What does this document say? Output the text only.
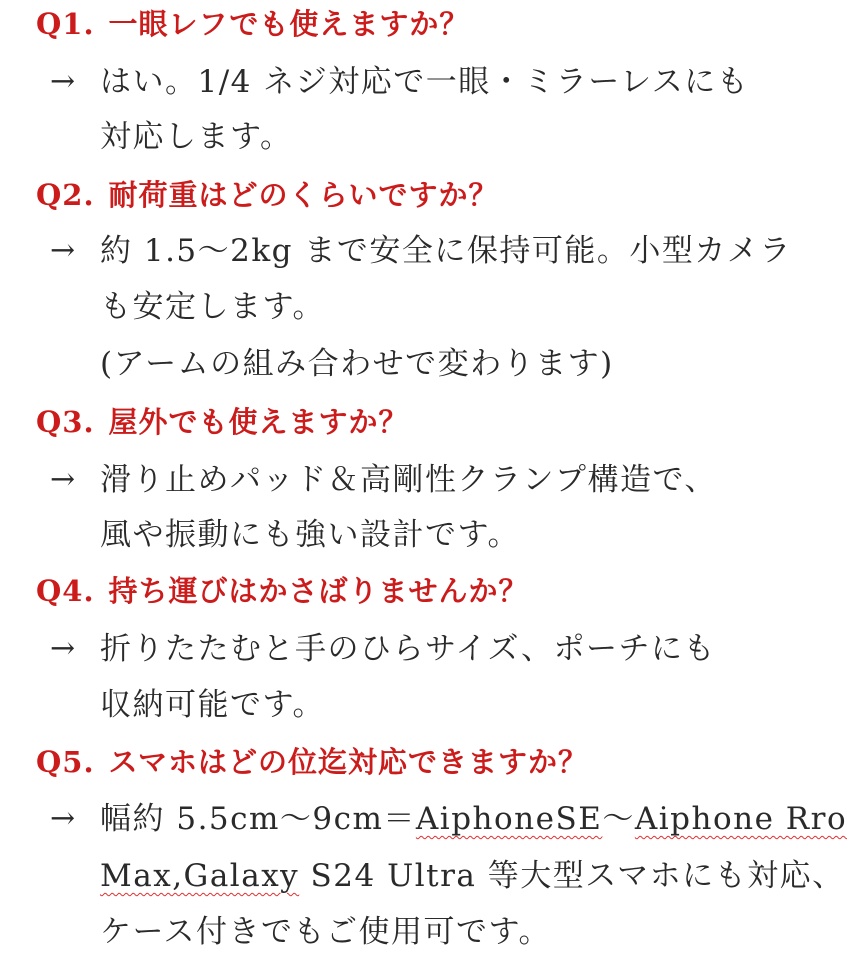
Q1. 一眼レフでも使えますか？
→ はい。1/4 ネジ対応で一眼・ミラーレスにも
対応します。
Q2. 耐荷重はどのくらいですか？
→ 約 1.5〜2kg まで安全に保持可能。小型カメラ
も安定します。
(アームの組み合わせで変わります)
Q3. 屋外でも使えますか？
→ 滑り止めパッド＆高剛性クランプ構造で、
風や振動にも強い設計です。
Q4. 持ち運びはかさばりませんか？
→ 折りたたむと手のひらサイズ、ポーチにも
収納可能です。
Q5. スマホはどの位迄対応できますか？
→ 幅約 5.5cm〜9cm＝AiphoneSE〜Aiphone Rro
Max,Galaxy S24 Ultra 等大型スマホにも対応、
ケース付きでもご使用可です。
